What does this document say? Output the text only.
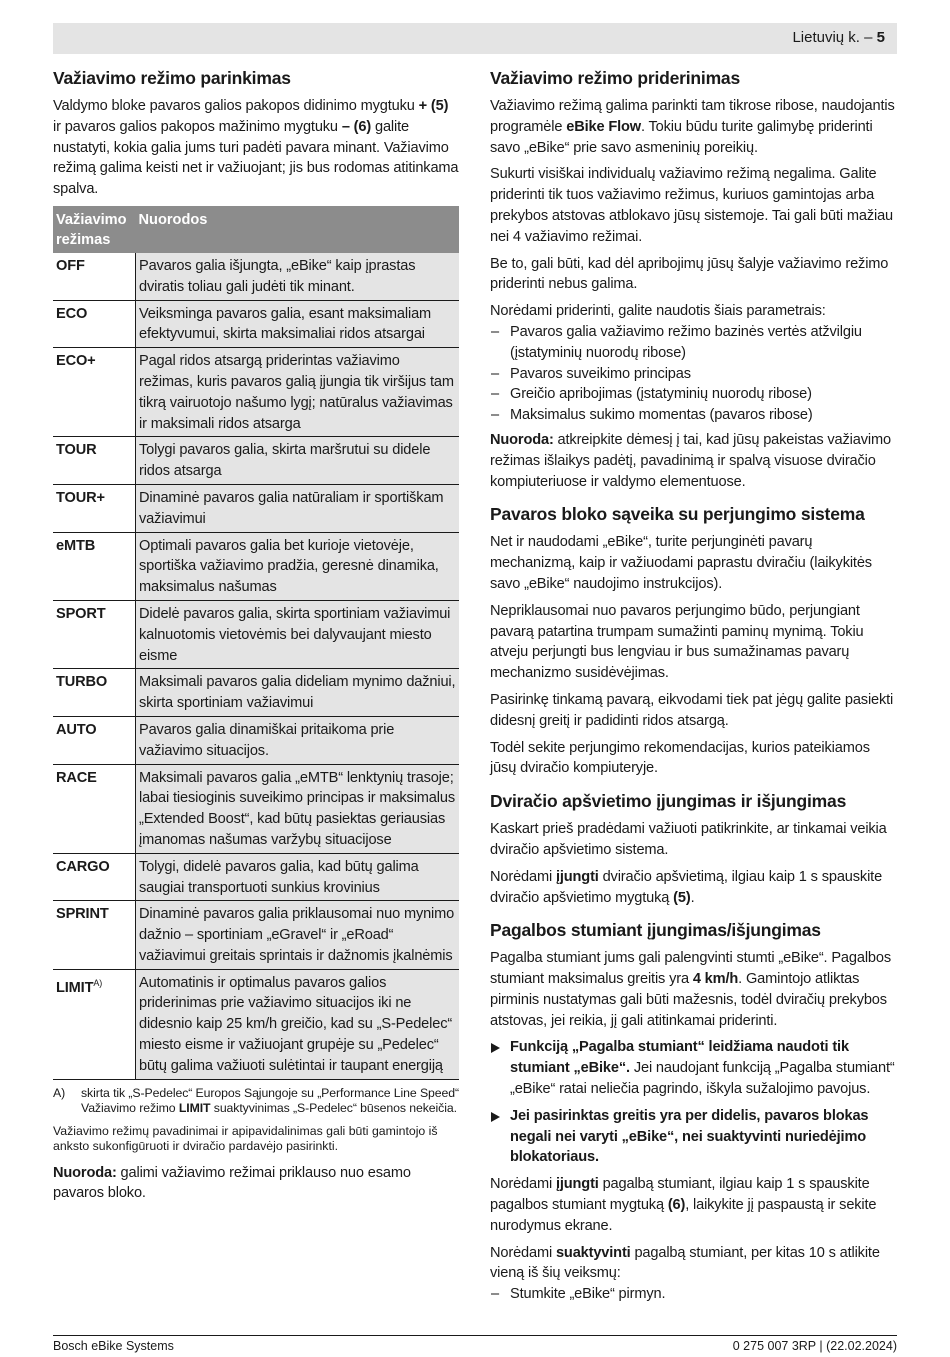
Lietuvių k. – 5
Važiavimo režimo parinkimas

Valdymo bloke pavaros galios pakopos didinimo mygtuku + (5) ir pavaros galios pakopos mažinimo mygtuku – (6) galite nustatyti, kokia galia jums turi padėti pavara minant. Važiavimo režimą galima keisti net ir važiuojant; jis bus rodomas atitinkama spalva.

Važiavimo režimas	Nuorodos
OFF	Pavaros galia išjungta, „eBike“ kaip įprastas dviratis toliau gali judėti tik minant.
ECO	Veiksminga pavaros galia, esant maksimaliam efektyvumui, skirta maksimaliai ridos atsargai
ECO+	Pagal ridos atsargą priderintas važiavimo režimas, kuris pavaros galią įjungia tik viršijus tam tikrą vairuotojo našumo lygį; natūralus važiavimas ir maksimali ridos atsarga
TOUR	Tolygi pavaros galia, skirta maršrutui su didele ridos atsarga
TOUR+	Dinaminė pavaros galia natūraliam ir sportiškam važiavimui
eMTB	Optimali pavaros galia bet kurioje vietovėje, sportiška važiavimo pradžia, geresnė dinamika, maksimalus našumas
SPORT	Didelė pavaros galia, skirta sportiniam važiavimui kalnuotomis vietovėmis bei dalyvaujant miesto eisme
TURBO	Maksimali pavaros galia dideliam mynimo dažniui, skirta sportiniam važiavimui
AUTO	Pavaros galia dinamiškai pritaikoma prie važiavimo situacijos.
RACE	Maksimali pavaros galia „eMTB“ lenktynių trasoje; labai tiesioginis suveikimo principas ir maksimalus „Extended Boost“, kad būtų pasiektas geriausias įmanomas našumas varžybų situacijose
CARGO	Tolygi, didelė pavaros galia, kad būtų galima saugiai transportuoti sunkius krovinius
SPRINT	Dinaminė pavaros galia priklausomai nuo mynimo dažnio – sportiniam „eGravel“ ir „eRoad“ važiavimui greitais sprintais ir dažnomis įkalnėmis
$LIMIT^{A)}$	Automatinis ir optimalus pavaros galios priderinimas prie važiavimo situacijos iki ne didesnio kaip 25 km/h greičio, kad su „S-Pedelec“ miesto eisme ir važiuojant grupėje su „Pedelec“ būtų galima važiuoti sulėtintai ir taupant energiją
A)	skirta tik „S-Pedelec“ Europos Sąjungoje su „Performance Line Speed“
Važiavimo režimo LIMIT suaktyvinimas „S-Pedelec“ būsenos nekeičia.
Važiavimo režimų pavadinimai ir apipavidalinimas gali būti gamintojo iš anksto sukonfigūruoti ir dviračio pardavėjo pasirinkti.

Nuoroda: galimi važiavimo režimai priklauso nuo esamo pavaros bloko.

Važiavimo režimo priderinimas

Važiavimo režimą galima parinkti tam tikrose ribose, naudojantis programėle eBike Flow. Tokiu būdu turite galimybę priderinti savo „eBike“ prie savo asmeninių poreikių.

Sukurti visiškai individualų važiavimo režimą negalima. Galite priderinti tik tuos važiavimo režimus, kuriuos gamintojas arba prekybos atstovas atblokavo jūsų sistemoje. Tai gali būti mažiau nei 4 važiavimo režimai.

Be to, gali būti, kad dėl apribojimų jūsų šalyje važiavimo režimo priderinti nebus galima.

Norėdami priderinti, galite naudotis šiais parametrais:

– Pavaros galia važiavimo režimo bazinės vertės atžvilgiu (įstatyminių nuorodų ribose)
– Pavaros suveikimo principas
– Greičio apribojimas (įstatyminių nuorodų ribose)
– Maksimalus sukimo momentas (pavaros ribose)

Nuoroda: atkreipkite dėmesį į tai, kad jūsų pakeistas važiavimo režimas išlaikys padėtį, pavadinimą ir spalvą visuose dviračio kompiuteriuose ir valdymo elementuose.

Pavaros bloko sąveika su perjungimo sistema

Net ir naudodami „eBike“, turite perjunginėti pavarų mechanizmą, kaip ir važiuodami paprastu dviračiu (laikykitės savo „eBike“ naudojimo instrukcijos).

Nepriklausomai nuo pavaros perjungimo būdo, perjungiant pavarą patartina trumpam sumažinti paminų mynimą. Tokiu atveju perjungti bus lengviau ir bus sumažinamas pavarų mechanizmo susidėvėjimas.

Pasirinkę tinkamą pavarą, eikvodami tiek pat jėgų galite pasiekti didesnį greitį ir padidinti ridos atsargą.

Todėl sekite perjungimo rekomendacijas, kurios pateikiamos jūsų dviračio kompiuteryje.

Dviračio apšvietimo įjungimas ir išjungimas

Kaskart prieš pradėdami važiuoti patikrinkite, ar tinkamai veikia dviračio apšvietimo sistema.

Norėdami įjungti dviračio apšvietimą, ilgiau kaip 1 s spauskite dviračio apšvietimo mygtuką (5).

Pagalbos stumiant įjungimas/išjungimas

Pagalba stumiant jums gali palengvinti stumti „eBike“. Pagalbos stumiant maksimalus greitis yra 4 km/h. Gamintojo atliktas pirminis nustatymas gali būti mažesnis, todėl dviračių prekybos atstovas, jei reikia, jį gali atitinkamai priderinti.

Funkciją „Pagalba stumiant“ leidžiama naudoti tik stumiant „eBike“. Jei naudojant funkciją „Pagalba stumiant“ „eBike“ ratai neliečia pagrindo, iškyla sužalojimo pavojus.
Jei pasirinktas greitis yra per didelis, pavaros blokas negali nei varyti „eBike“, nei suaktyvinti nuriedėjimo blokatoriaus.

Norėdami įjungti pagalbą stumiant, ilgiau kaip 1 s spauskite pagalbos stumiant mygtuką (6), laikykite jį paspaustą ir sekite nurodymus ekrane.

Norėdami suaktyvinti pagalbą stumiant, per kitas 10 s atlikite vieną iš šių veiksmų:

– Stumkite „eBike“ pirmyn.
Bosch eBike Systems	0 275 007 3RP | (22.02.2024)
